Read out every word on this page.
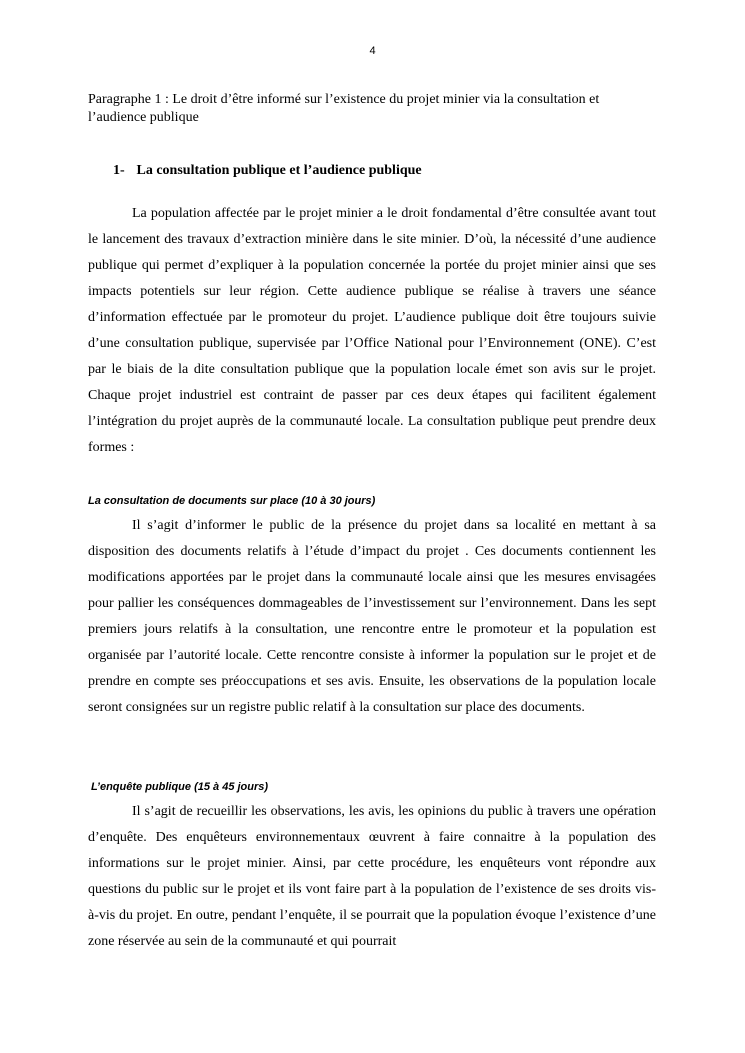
4
Paragraphe 1 : Le droit d’être informé sur l’existence du projet minier via la consultation et l’audience publique
1- La consultation publique et l’audience publique

La population affectée par le projet minier a le droit fondamental d’être consultée avant tout le lancement des travaux d’extraction minière dans le site minier. D’où, la nécessité d’une audience publique qui permet d’expliquer à la population concernée la portée du projet minier ainsi que ses impacts potentiels sur leur région. Cette audience publique se réalise à travers une séance d’information effectuée par le promoteur du projet. L’audience publique doit être toujours suivie d’une consultation publique, supervisée par l’Office National pour l’Environnement (ONE). C’est par le biais de la dite consultation publique que la population locale émet son avis sur le projet. Chaque projet industriel est contraint de passer par ces deux étapes qui facilitent également l’intégration du projet auprès de la communauté locale. La consultation publique peut prendre deux formes :

La consultation de documents sur place (10 à 30 jours)

Il s’agit d’informer le public de la présence du projet dans sa localité en mettant à sa disposition des documents relatifs à l’étude d’impact du projet . Ces documents contiennent les modifications apportées par le projet dans la communauté locale ainsi que les mesures envisagées pour pallier les conséquences dommageables de l’investissement sur l’environnement. Dans les sept premiers jours relatifs à la consultation, une rencontre entre le promoteur et la population est organisée par l’autorité locale. Cette rencontre consiste à informer la population sur le projet et de prendre en compte ses préoccupations et ses avis. Ensuite, les observations de la population locale seront consignées sur un registre public relatif à la consultation sur place des documents.

L’enquête publique (15 à 45 jours)

Il s’agit de recueillir les observations, les avis, les opinions du public à travers une opération d’enquête. Des enquêteurs environnementaux œuvrent à faire connaitre à la population des informations sur le projet minier. Ainsi, par cette procédure, les enquêteurs vont répondre aux questions du public sur le projet et ils vont faire part à la population de l’existence de ses droits vis-à-vis du projet. En outre, pendant l’enquête, il se pourrait que la population évoque l’existence d’une zone réservée au sein de la communauté et qui pourrait
